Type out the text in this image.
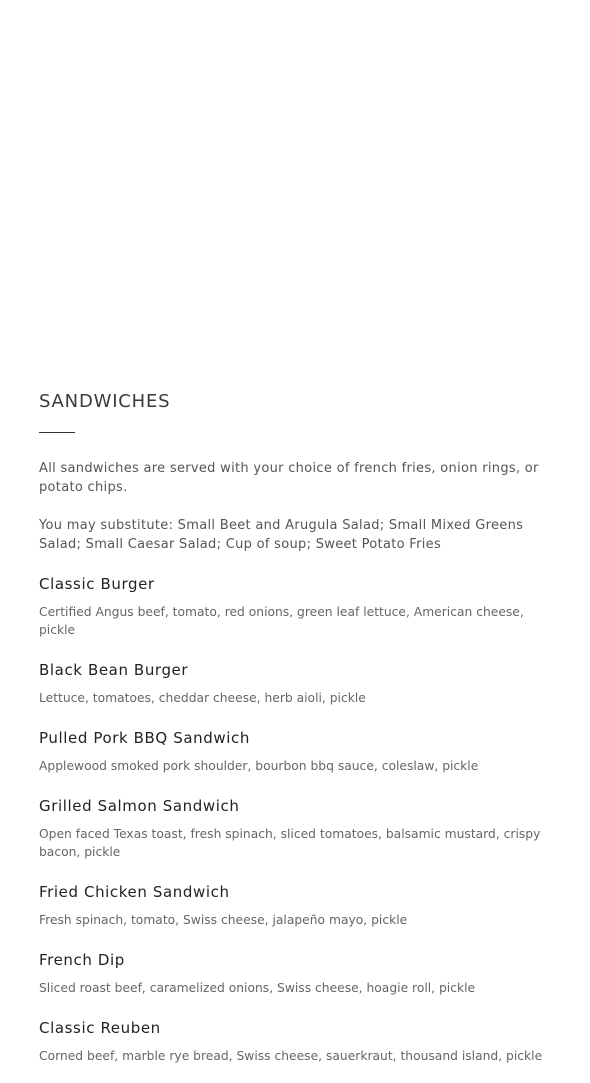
SANDWICHES

All sandwiches are served with your choice of french fries, onion rings, or potato chips.

You may substitute: Small Beet and Arugula Salad; Small Mixed Greens Salad; Small Caesar Salad; Cup of soup; Sweet Potato Fries

Classic Burger
Certified Angus beef, tomato, red onions, green leaf lettuce, American cheese, pickle
Black Bean Burger
Lettuce, tomatoes, cheddar cheese, herb aioli, pickle
Pulled Pork BBQ Sandwich
Applewood smoked pork shoulder, bourbon bbq sauce, coleslaw, pickle
Grilled Salmon Sandwich
Open faced Texas toast, fresh spinach, sliced tomatoes, balsamic mustard, crispy bacon, pickle
Fried Chicken Sandwich
Fresh spinach, tomato, Swiss cheese, jalapeño mayo, pickle
French Dip
Sliced roast beef, caramelized onions, Swiss cheese, hoagie roll, pickle
Classic Reuben
Corned beef, marble rye bread, Swiss cheese, sauerkraut, thousand island, pickle
